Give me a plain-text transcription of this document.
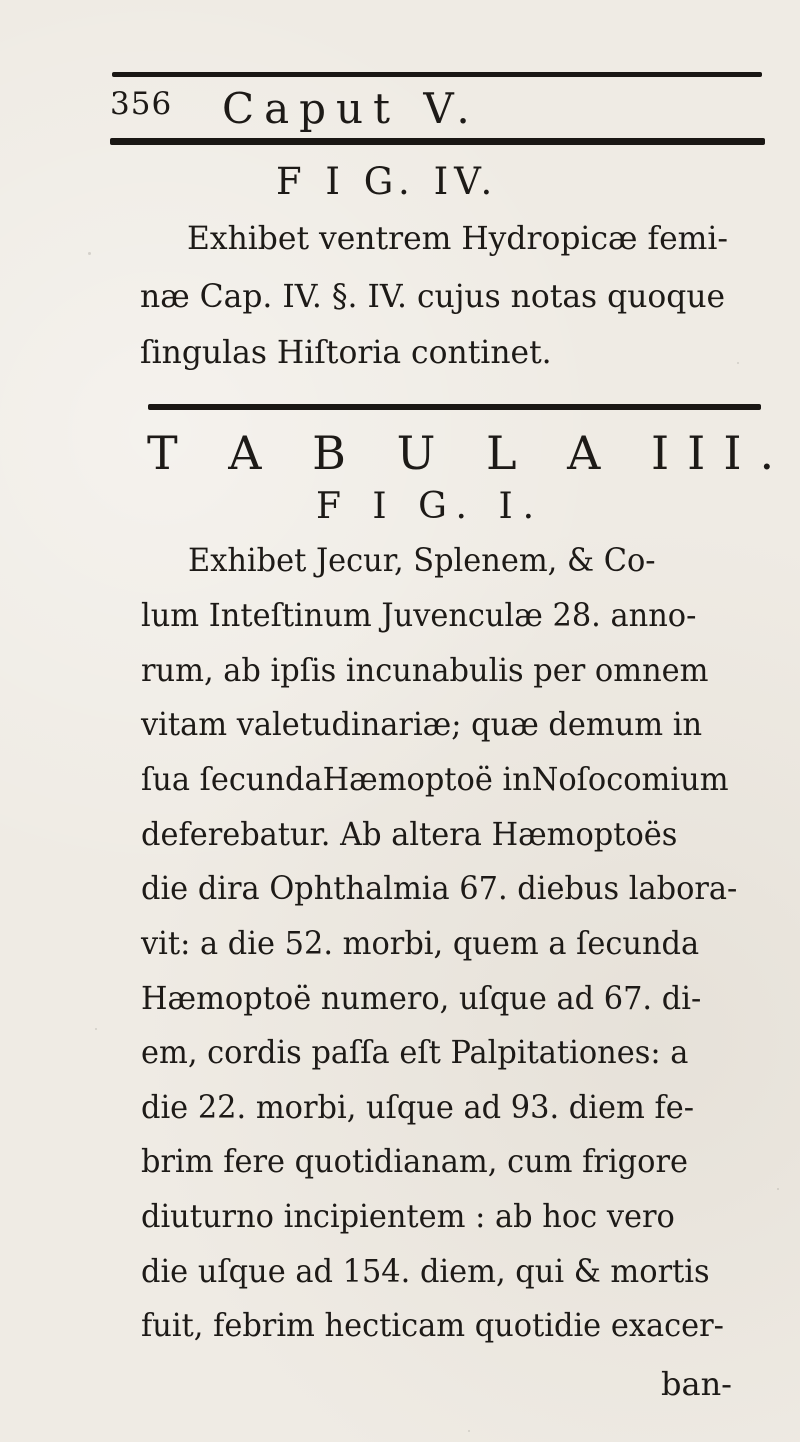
356 Caput V.
F I G. IV.
Exhibet ventrem Hydropicæ femi-
næ Cap. IV. §. IV. cujus notas quoque
ſingulas Hiſtoria continet.
T A B U L A III.
F I G. I.
Exhibet Jecur, Splenem, & Co-
lum Inteſtinum Juvenculæ 28. anno-
rum, ab ipſis incunabulis per omnem
vitam valetudinariæ; quæ demum in
ſua ſecundaHæmoptoë inNoſocomium
deferebatur. Ab altera Hæmoptoës
die dira Ophthalmia 67. diebus labora-
vit: a die 52. morbi, quem a ſecunda
Hæmoptoë numero, uſque ad 67. di-
em, cordis paſſa eſt Palpitationes: a
die 22. morbi, uſque ad 93. diem fe-
brim fere quotidianam, cum frigore
diuturno incipientem : ab hoc vero
die uſque ad 154. diem, qui & mortis
fuit, febrim hecticam quotidie exacer-
ban-
